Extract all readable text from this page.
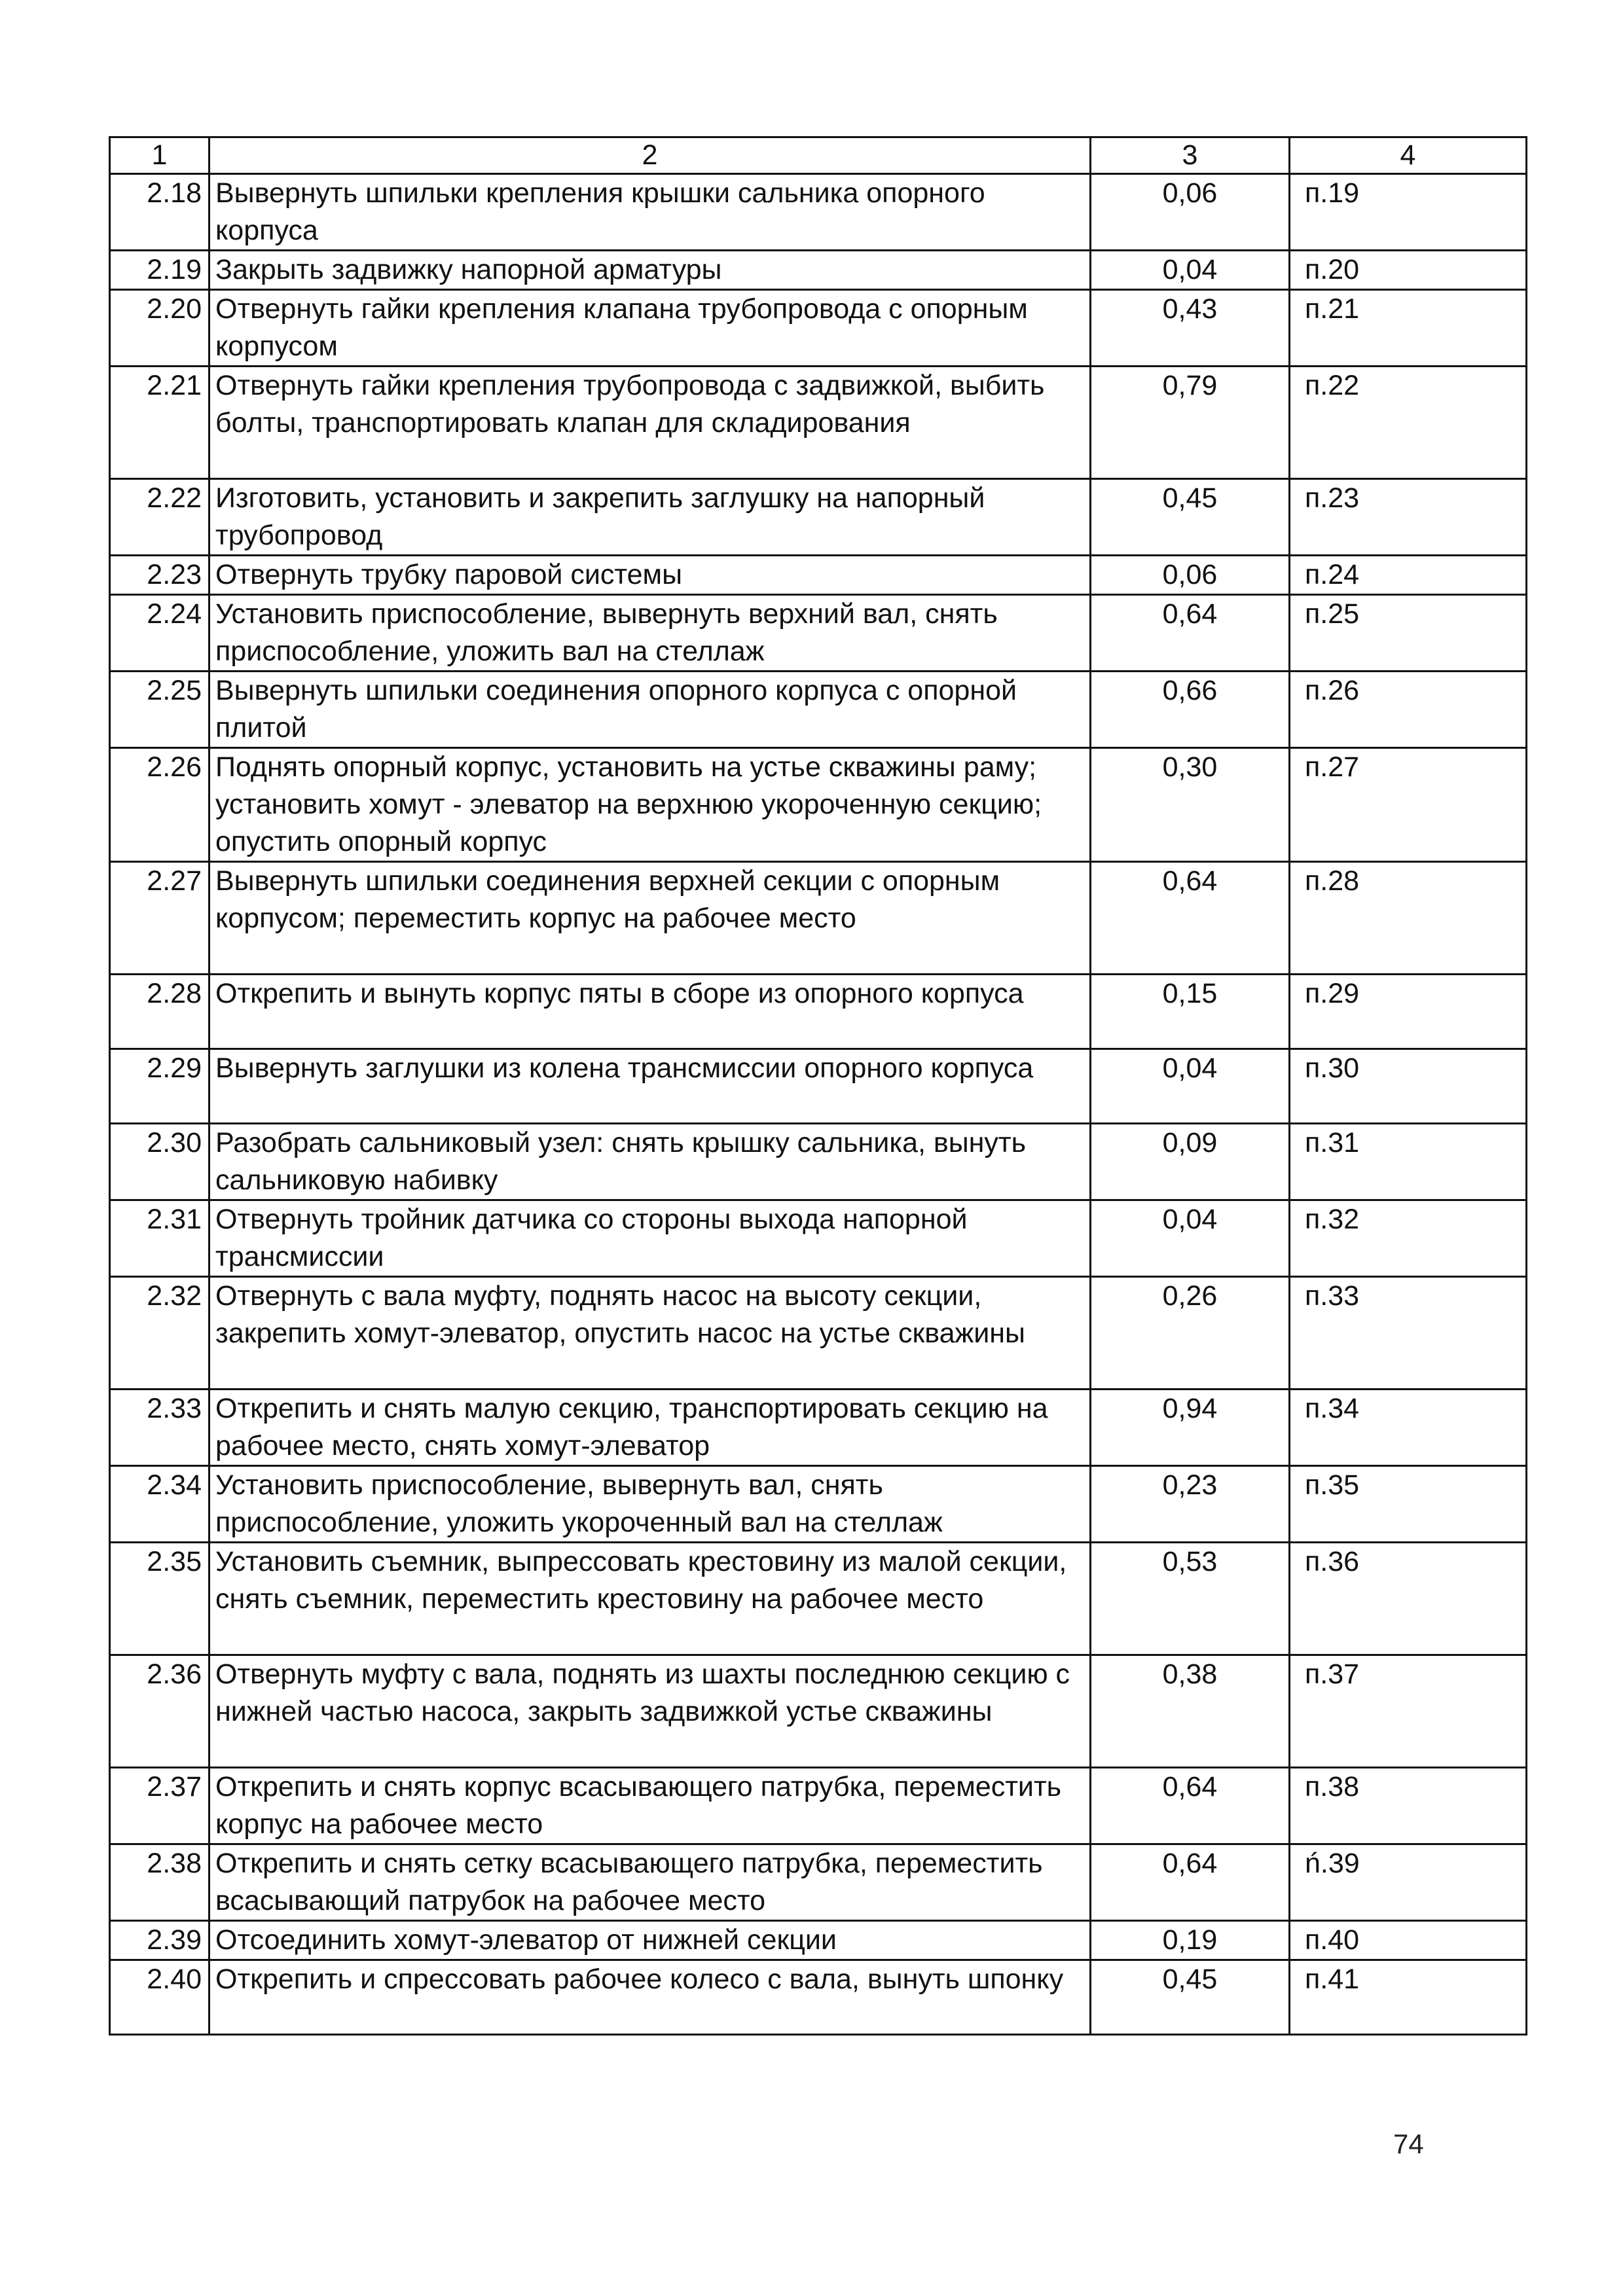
1	2	3	4
2.18	Вывернуть шпильки крепления крышки сальника опорного корпуса	0,06	п.19
2.19	Закрыть задвижку напорной арматуры	0,04	п.20
2.20	Отвернуть гайки крепления клапана трубопровода с опорным корпусом	0,43	п.21
2.21	Отвернуть гайки крепления трубопровода с задвижкой, выбить болты, транспортировать клапан для складирования	0,79	п.22
2.22	Изготовить, установить и закрепить заглушку на напорный трубопровод	0,45	п.23
2.23	Отвернуть трубку паровой системы	0,06	п.24
2.24	Установить приспособление, вывернуть верхний вал, снять приспособление, уложить вал на стеллаж	0,64	п.25
2.25	Вывернуть шпильки соединения опорного корпуса с опорной плитой	0,66	п.26
2.26	Поднять опорный корпус, установить на устье скважины раму; установить хомут - элеватор на верхнюю укороченную секцию; опустить опорный корпус	0,30	п.27
2.27	Вывернуть шпильки соединения верхней секции с опорным корпусом; переместить корпус на рабочее место	0,64	п.28
2.28	Открепить и вынуть корпус пяты в сборе из опорного корпуса	0,15	п.29
2.29	Вывернуть заглушки из колена трансмиссии опорного корпуса	0,04	п.30
2.30	Разобрать сальниковый узел: снять крышку сальника, вынуть сальниковую набивку	0,09	п.31
2.31	Отвернуть тройник датчика со стороны выхода напорной трансмиссии	0,04	п.32
2.32	Отвернуть с вала муфту, поднять насос на высоту секции, закрепить хомут-элеватор, опустить насос на устье скважины	0,26	п.33
2.33	Открепить и снять малую секцию, транспортировать секцию на рабочее место, снять хомут-элеватор	0,94	п.34
2.34	Установить приспособление, вывернуть вал, снять приспособление, уложить укороченный вал на стеллаж	0,23	п.35
2.35	Установить съемник, выпрессовать крестовину из малой секции, снять съемник, переместить крестовину на рабочее место	0,53	п.36
2.36	Отвернуть муфту с вала, поднять из шахты последнюю секцию с нижней частью насоса, закрыть задвижкой устье скважины	0,38	п.37
2.37	Открепить и снять корпус всасывающего патрубка, переместить корпус на рабочее место	0,64	п.38
2.38	Открепить и снять сетку всасывающего патрубка, переместить всасывающий патрубок на рабочее место	0,64	ń.39
2.39	Отсоединить хомут-элеватор от нижней секции	0,19	п.40
2.40	Открепить и спрессовать рабочее колесо с вала, вынуть шпонку	0,45	п.41
74
